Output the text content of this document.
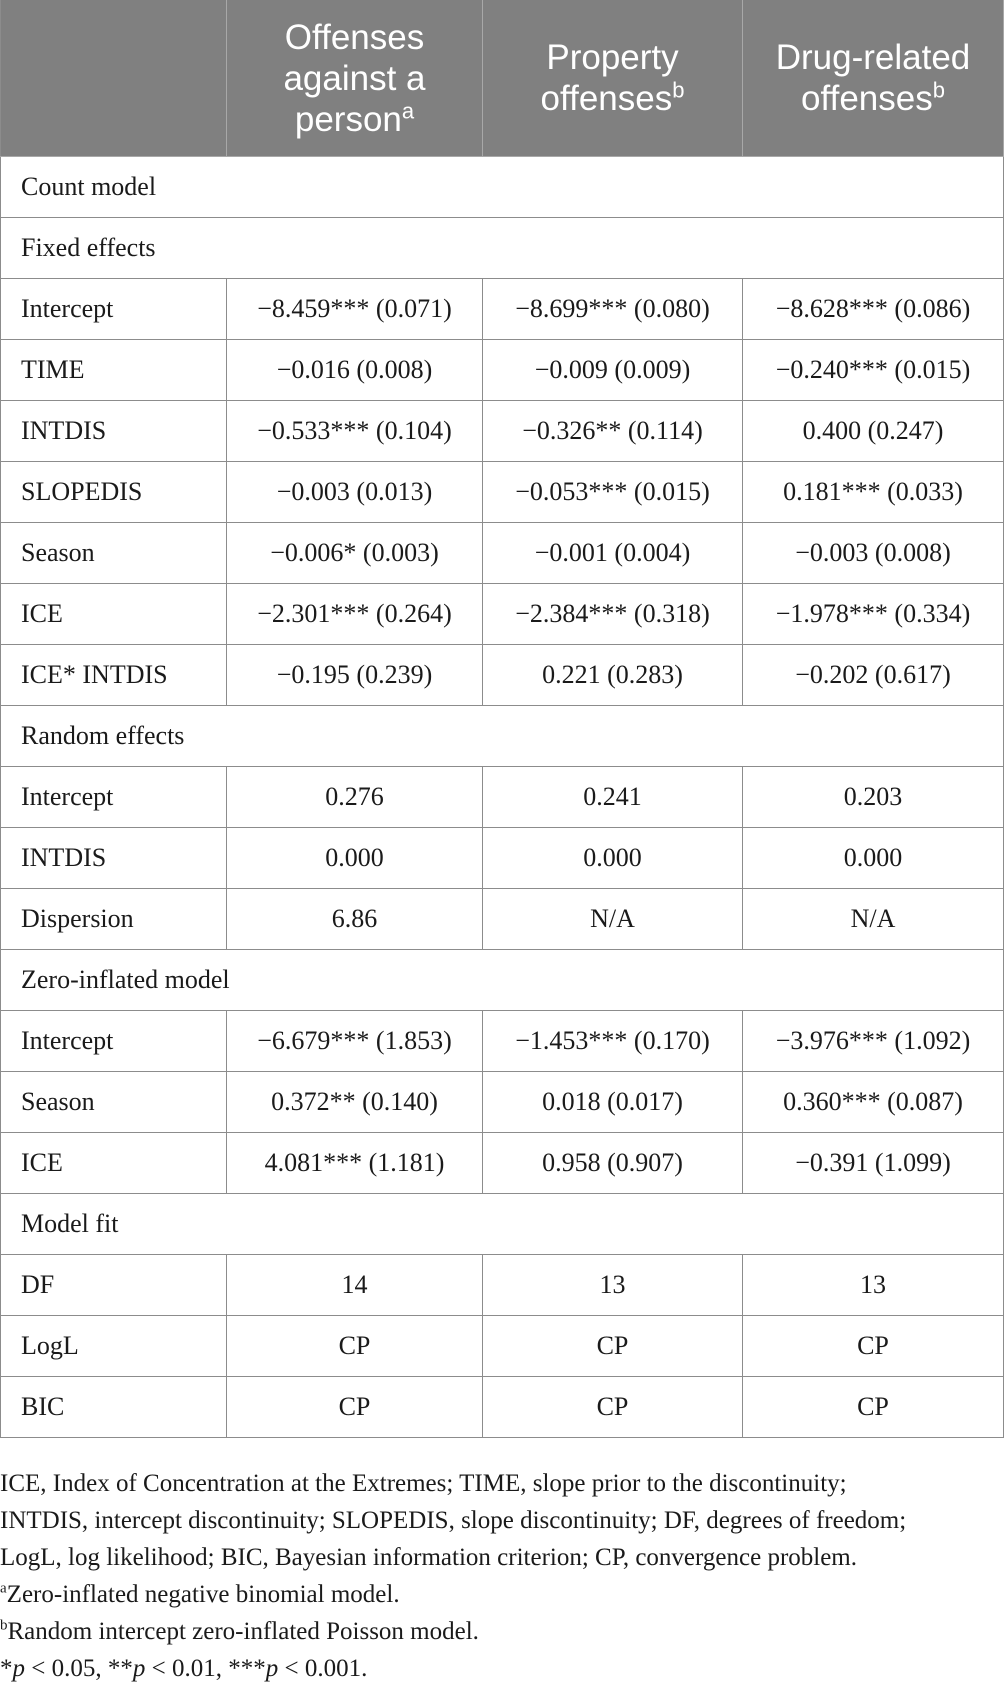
	Offenses against a person$^a$	Property offenses$^b$	Drug-related offenses$^b$
Count model			
Fixed effects			
Intercept	−8.459*** (0.071)	−8.699*** (0.080)	−8.628*** (0.086)
TIME	−0.016 (0.008)	−0.009 (0.009)	−0.240*** (0.015)
INTDIS	−0.533*** (0.104)	−0.326** (0.114)	0.400 (0.247)
SLOPEDIS	−0.003 (0.013)	−0.053*** (0.015)	0.181*** (0.033)
Season	−0.006* (0.003)	−0.001 (0.004)	−0.003 (0.008)
ICE	−2.301*** (0.264)	−2.384*** (0.318)	−1.978*** (0.334)
ICE* INTDIS	−0.195 (0.239)	0.221 (0.283)	−0.202 (0.617)
Random effects			
Intercept	0.276	0.241	0.203
INTDIS	0.000	0.000	0.000
Dispersion	6.86	N/A	N/A
Zero-inflated model			
Intercept	−6.679*** (1.853)	−1.453*** (0.170)	−3.976*** (1.092)
Season	0.372** (0.140)	0.018 (0.017)	0.360*** (0.087)
ICE	4.081*** (1.181)	0.958 (0.907)	−0.391 (1.099)
Model fit			
DF	14	13	13
LogL	CP	CP	CP
BIC	CP	CP	CP

ICE, Index of Concentration at the Extremes; TIME, slope prior to the discontinuity;

INTDIS, intercept discontinuity; SLOPEDIS, slope discontinuity; DF, degrees of freedom;

LogL, log likelihood; BIC, Bayesian information criterion; CP, convergence problem.

$^a$Zero-inflated negative binomial model.

$^b$Random intercept zero-inflated Poisson model.

*p < 0.05, **p < 0.01, ***p < 0.001.
